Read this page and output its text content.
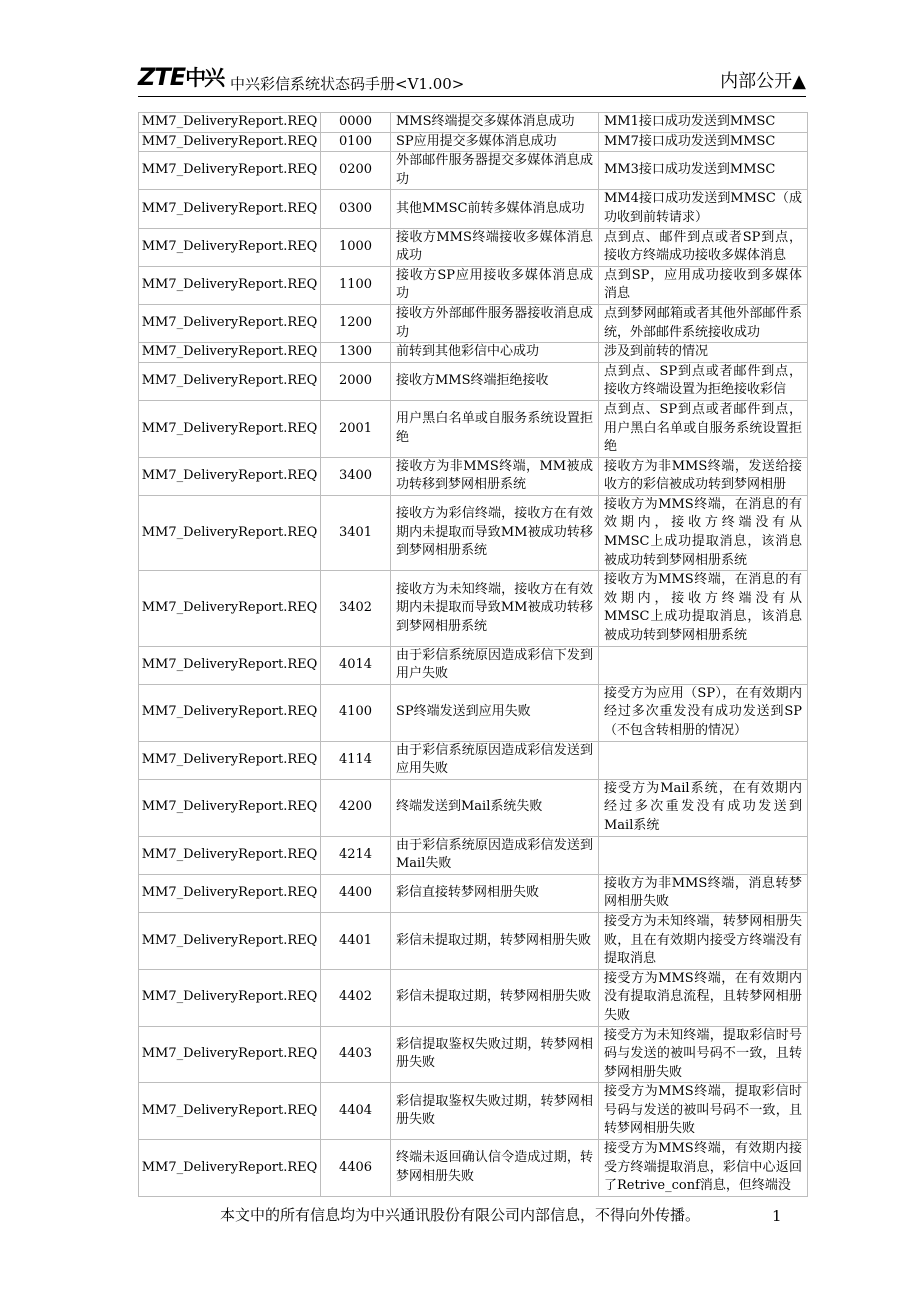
ZTE中兴 中兴彩信系统状态码手册<V1.00>	内部公开▲
MM7_DeliveryReport.REQ	0000	MMS终端提交多媒体消息成功	MM1接口成功发送到MMSC
MM7_DeliveryReport.REQ	0100	SP应用提交多媒体消息成功	MM7接口成功发送到MMSC
MM7_DeliveryReport.REQ	0200	外部邮件服务器提交多媒体消息成功	MM3接口成功发送到MMSC
MM7_DeliveryReport.REQ	0300	其他MMSC前转多媒体消息成功	MM4接口成功发送到MMSC（成功收到前转请求）
MM7_DeliveryReport.REQ	1000	接收方MMS终端接收多媒体消息成功	点到点、邮件到点或者SP到点，接收方终端成功接收多媒体消息
MM7_DeliveryReport.REQ	1100	接收方SP应用接收多媒体消息成功	点到SP，应用成功接收到多媒体消息
MM7_DeliveryReport.REQ	1200	接收方外部邮件服务器接收消息成功	点到梦网邮箱或者其他外部邮件系统，外部邮件系统接收成功
MM7_DeliveryReport.REQ	1300	前转到其他彩信中心成功	涉及到前转的情况
MM7_DeliveryReport.REQ	2000	接收方MMS终端拒绝接收	点到点、SP到点或者邮件到点，接收方终端设置为拒绝接收彩信
MM7_DeliveryReport.REQ	2001	用户黑白名单或自服务系统设置拒绝	点到点、SP到点或者邮件到点，用户黑白名单或自服务系统设置拒绝
MM7_DeliveryReport.REQ	3400	接收方为非MMS终端，MM被成功转移到梦网相册系统	接收方为非MMS终端，发送给接收方的彩信被成功转到梦网相册
MM7_DeliveryReport.REQ	3401	接收方为彩信终端，接收方在有效期内未提取而导致MM被成功转移到梦网相册系统	接收方为MMS终端，在消息的有效期内，接收方终端没有从MMSC上成功提取消息，该消息被成功转到梦网相册系统
MM7_DeliveryReport.REQ	3402	接收方为未知终端，接收方在有效期内未提取而导致MM被成功转移到梦网相册系统	接收方为MMS终端，在消息的有效期内，接收方终端没有从MMSC上成功提取消息，该消息被成功转到梦网相册系统
MM7_DeliveryReport.REQ	4014	由于彩信系统原因造成彩信下发到用户失败	
MM7_DeliveryReport.REQ	4100	SP终端发送到应用失败	接受方为应用（SP），在有效期内经过多次重发没有成功发送到SP（不包含转相册的情况）
MM7_DeliveryReport.REQ	4114	由于彩信系统原因造成彩信发送到应用失败	
MM7_DeliveryReport.REQ	4200	终端发送到Mail系统失败	接受方为Mail系统，在有效期内经过多次重发没有成功发送到Mail系统
MM7_DeliveryReport.REQ	4214	由于彩信系统原因造成彩信发送到Mail失败	
MM7_DeliveryReport.REQ	4400	彩信直接转梦网相册失败	接收方为非MMS终端，消息转梦网相册失败
MM7_DeliveryReport.REQ	4401	彩信未提取过期，转梦网相册失败	接受方为未知终端，转梦网相册失败，且在有效期内接受方终端没有提取消息
MM7_DeliveryReport.REQ	4402	彩信未提取过期，转梦网相册失败	接受方为MMS终端，在有效期内没有提取消息流程，且转梦网相册失败
MM7_DeliveryReport.REQ	4403	彩信提取鉴权失败过期，转梦网相册失败	接受方为未知终端，提取彩信时号码与发送的被叫号码不一致，且转梦网相册失败
MM7_DeliveryReport.REQ	4404	彩信提取鉴权失败过期，转梦网相册失败	接受方为MMS终端，提取彩信时号码与发送的被叫号码不一致，且转梦网相册失败
MM7_DeliveryReport.REQ	4406	终端未返回确认信令造成过期，转梦网相册失败	接受方为MMS终端，有效期内接受方终端提取消息，彩信中心返回了Retrive_conf消息，但终端没
本文中的所有信息均为中兴通讯股份有限公司内部信息，不得向外传播。	1
